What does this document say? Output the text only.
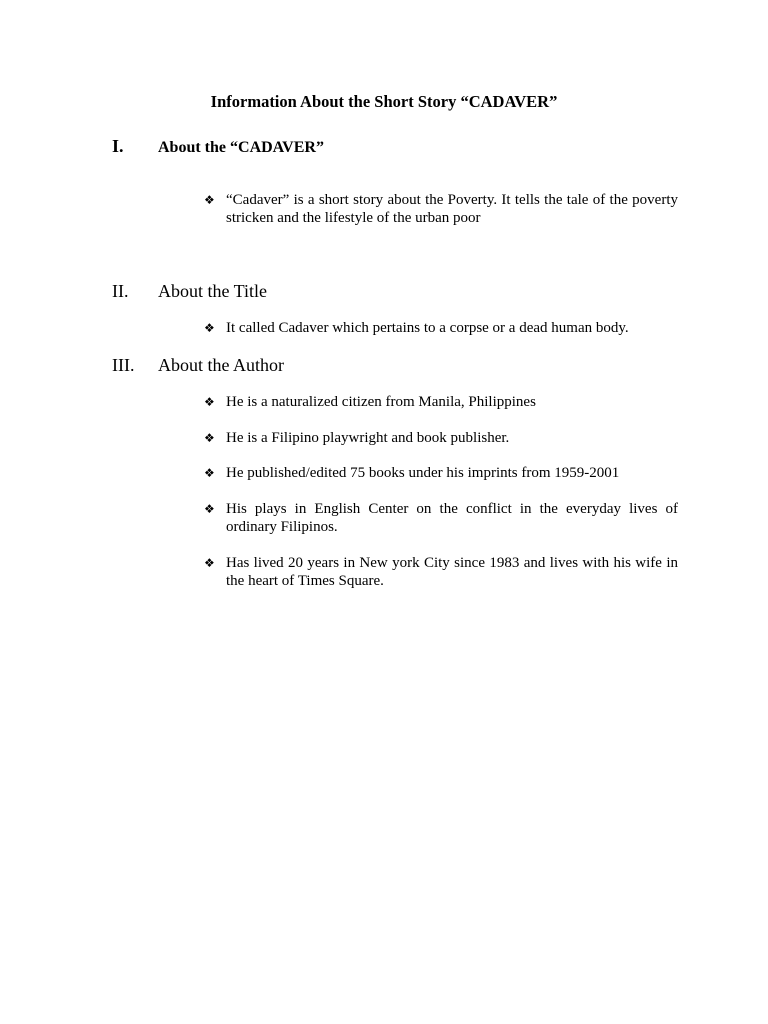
Information About the Short Story “CADAVER”
I.	About the “CADAVER”
❖ “Cadaver” is a short story about the Poverty. It tells the tale of the poverty stricken and the lifestyle of the urban poor
II.	About the Title
❖ It called Cadaver which pertains to a corpse or a dead human body.
III.	About the Author
❖ He is a naturalized citizen from Manila, Philippines
❖ He is a Filipino playwright and book publisher.
❖ He published/edited 75 books under his imprints from 1959-2001
❖ His plays in English Center on the conflict in the everyday lives of ordinary Filipinos.
❖ Has lived 20 years in New york City since 1983 and lives with his wife in the heart of Times Square.
